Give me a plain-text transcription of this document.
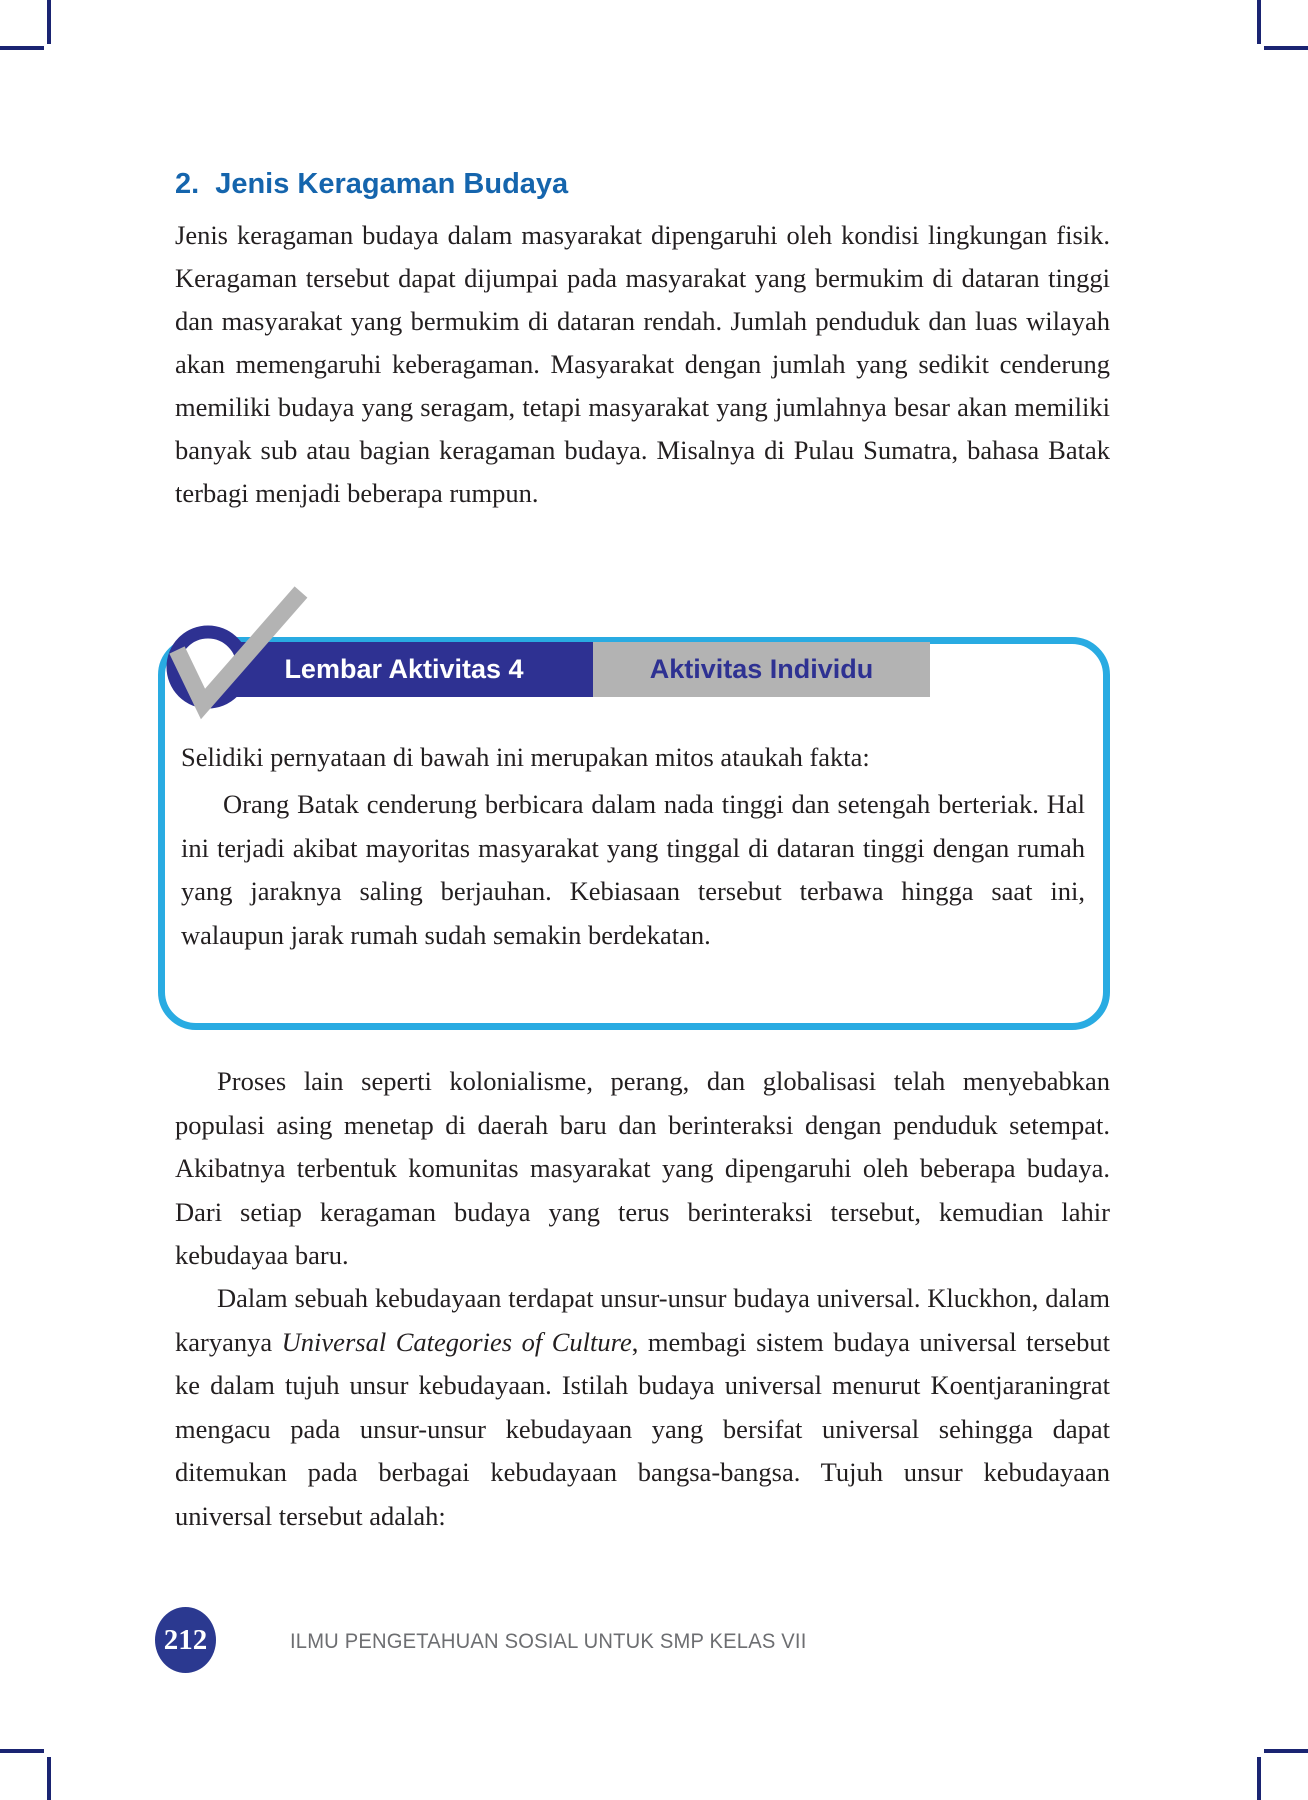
2. Jenis Keragaman Budaya

Jenis keragaman budaya dalam masyarakat dipengaruhi oleh kondisi lingkungan fisik. Keragaman tersebut dapat dijumpai pada masyarakat yang bermukim di dataran tinggi dan masyarakat yang bermukim di dataran rendah. Jumlah penduduk dan luas wilayah akan memengaruhi keberagaman. Masyarakat dengan jumlah yang sedikit cenderung memiliki budaya yang seragam, tetapi masyarakat yang jumlahnya besar akan memiliki banyak sub atau bagian keragaman budaya. Misalnya di Pulau Sumatra, bahasa Batak terbagi menjadi beberapa rumpun.

Lembar Aktivitas 4	Aktivitas Individu

Selidiki pernyataan di bawah ini merupakan mitos ataukah fakta:

Orang Batak cenderung berbicara dalam nada tinggi dan setengah berteriak. Hal ini terjadi akibat mayoritas masyarakat yang tinggal di dataran tinggi dengan rumah yang jaraknya saling berjauhan. Kebiasaan tersebut terbawa hingga saat ini, walaupun jarak rumah sudah semakin berdekatan.

Proses lain seperti kolonialisme, perang, dan globalisasi telah menyebabkan populasi asing menetap di daerah baru dan berinteraksi dengan penduduk setempat. Akibatnya terbentuk komunitas masyarakat yang dipengaruhi oleh beberapa budaya. Dari setiap keragaman budaya yang terus berinteraksi tersebut, kemudian lahir kebudayaa baru.

Dalam sebuah kebudayaan terdapat unsur-unsur budaya universal. Kluckhon, dalam karyanya Universal Categories of Culture, membagi sistem budaya universal tersebut ke dalam tujuh unsur kebudayaan. Istilah budaya universal menurut Koentjaraningrat mengacu pada unsur-unsur kebudayaan yang bersifat universal sehingga dapat ditemukan pada berbagai kebudayaan bangsa-bangsa. Tujuh unsur kebudayaan universal tersebut adalah:

212	ILMU PENGETAHUAN SOSIAL UNTUK SMP KELAS VII
